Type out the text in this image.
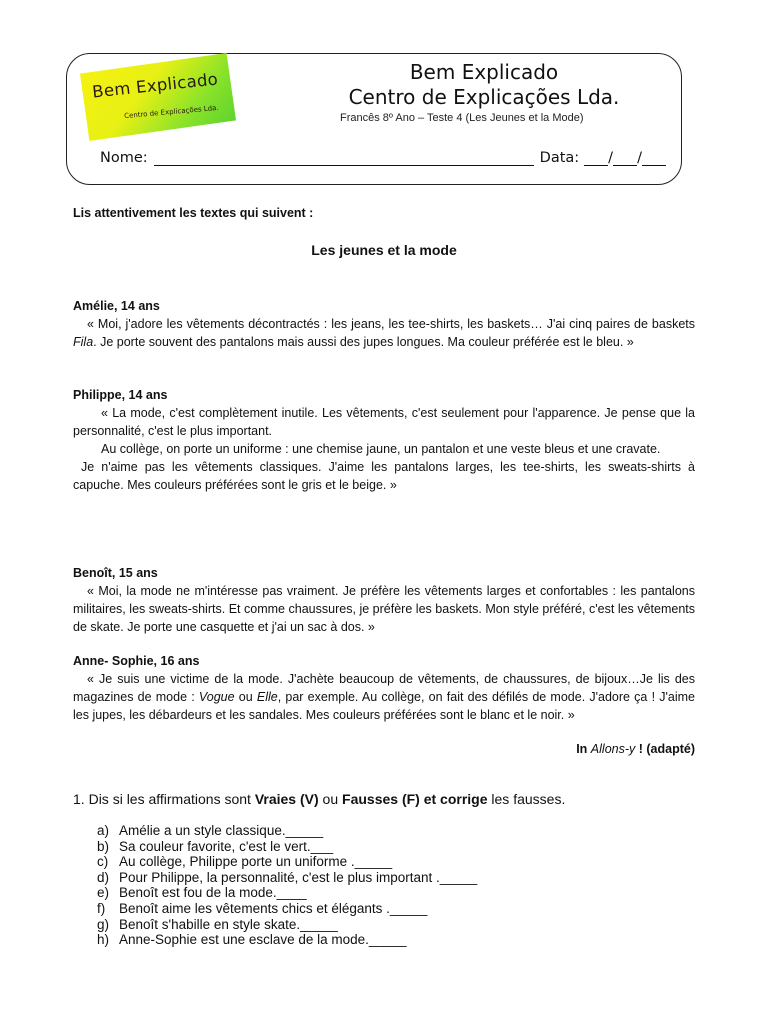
Bem Explicado
Centro de Explicações Lda.
Bem Explicado
Centro de Explicações Lda.
Francês 8º Ano – Teste 4 (Les Jeunes et la Mode)
Nome:	Data: / /
Lis attentivement les textes qui suivent :
Les jeunes et la mode
Amélie, 14 ans

« Moi, j'adore les vêtements décontractés : les jeans, les tee-shirts, les baskets… J'ai cinq paires de baskets Fila. Je porte souvent des pantalons mais aussi des jupes longues. Ma couleur préférée est le bleu. »

Philippe, 14 ans

« La mode, c'est complètement inutile. Les vêtements, c'est seulement pour l'apparence. Je pense que la personnalité, c'est le plus important.

Au collège, on porte un uniforme : une chemise jaune, un pantalon et une veste bleus et une cravate.

Je n'aime pas les vêtements classiques. J'aime les pantalons larges, les tee-shirts, les sweats-shirts à capuche. Mes couleurs préférées sont le gris et le beige. »

Benoît, 15 ans

« Moi, la mode ne m'intéresse pas vraiment. Je préfère les vêtements larges et confortables : les pantalons militaires, les sweats-shirts. Et comme chaussures, je préfère les baskets. Mon style préféré, c'est les vêtements de skate. Je porte une casquette et j'ai un sac à dos. »

Anne- Sophie, 16 ans

« Je suis une victime de la mode. J'achète beaucoup de vêtements, de chaussures, de bijoux…Je lis des magazines de mode : Vogue ou Elle, par exemple. Au collège, on fait des défilés de mode. J'adore ça ! J'aime les jupes, les débardeurs et les sandales. Mes couleurs préférées sont le blanc et le noir. »

In Allons-y ! (adapté)
1. Dis si les affirmations sont Vraies (V) ou Fausses (F) et corrige les fausses.
a) Amélie a un style classique._____
b) Sa couleur favorite, c'est le vert.___
c) Au collège, Philippe porte un uniforme ._____
d) Pour Philippe, la personnalité, c'est le plus important ._____
e) Benoît est fou de la mode.____
f)	Benoît aime les vêtements chics et élégants ._____
g) Benoît s'habille en style skate._____
h) Anne-Sophie est une esclave de la mode._____
